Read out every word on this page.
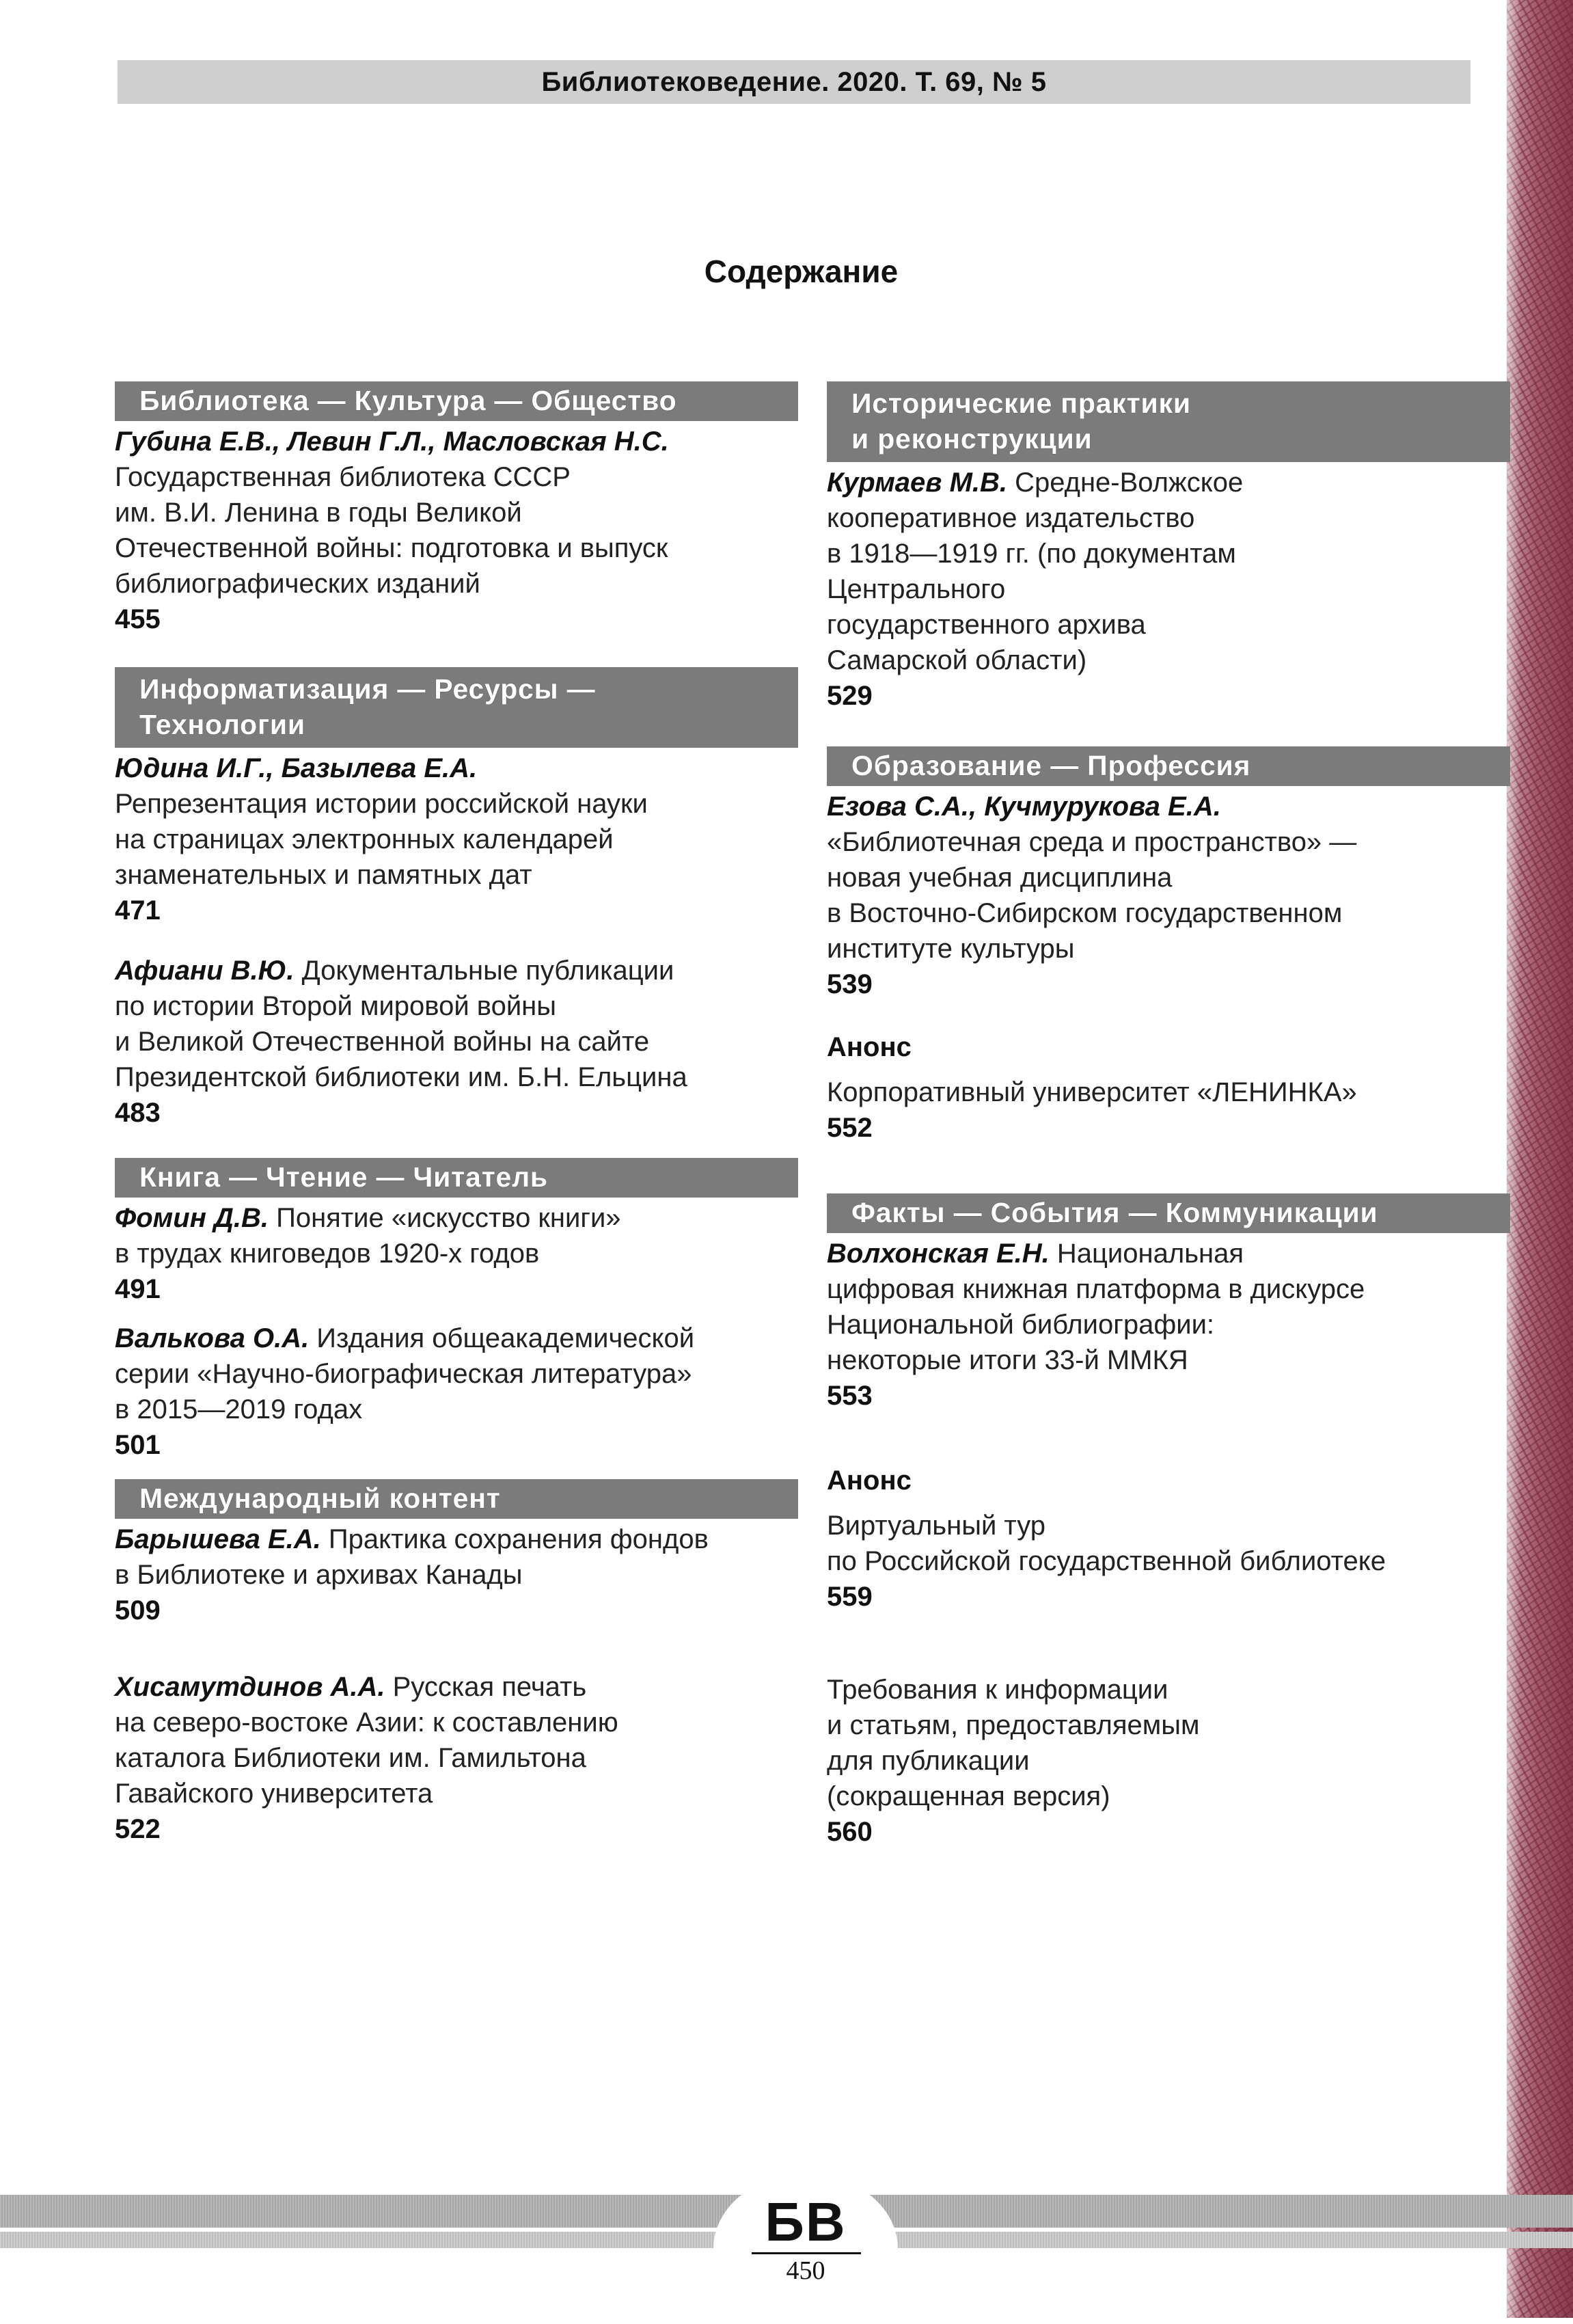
Библиотековедение. 2020. Т. 69, № 5
Содержание
Библиотека — Культура — Общество
Губина Е.В., Левин Г.Л., Масловская Н.С.
Государственная библиотека СССР
им. В.И. Ленина в годы Великой
Отечественной войны: подготовка и выпуск
библиографических изданий
455
Информатизация — Ресурсы —
Технологии
Юдина И.Г., Базылева Е.А.
Репрезентация истории российской науки
на страницах электронных календарей
знаменательных и памятных дат
471
Афиани В.Ю. Документальные публикации
по истории Второй мировой войны
и Великой Отечественной войны на сайте
Президентской библиотеки им. Б.Н. Ельцина
483
Книга — Чтение — Читатель
Фомин Д.В. Понятие «искусство книги»
в трудах книговедов 1920-х годов
491
Валькова О.А. Издания общеакадемической
серии «Научно-биографическая литература»
в 2015—2019 годах
501
Международный контент
Барышева Е.А. Практика сохранения фондов
в Библиотеке и архивах Канады
509
Хисамутдинов А.А. Русская печать
на северо-востоке Азии: к составлению
каталога Библиотеки им. Гамильтона
Гавайского университета
522
Исторические практики
и реконструкции
Курмаев М.В. Средне-Волжское
кооперативное издательство
в 1918—1919 гг. (по документам
Центрального
государственного архива
Самарской области)
529
Образование — Профессия
Езова С.А., Кучмурукова Е.А.
«Библиотечная среда и пространство» —
новая учебная дисциплина
в Восточно-Сибирском государственном
институте культуры
539
Анонс
Корпоративный университет «ЛЕНИНКА»
552
Факты — События — Коммуникации
Волхонская Е.Н. Национальная
цифровая книжная платформа в дискурсе
Национальной библиографии:
некоторые итоги 33-й ММКЯ
553
Анонс
Виртуальный тур
по Российской государственной библиотеке
559
Требования к информации
и статьям, предоставляемым
для публикации
(сокращенная версия)
560
БВ
450
